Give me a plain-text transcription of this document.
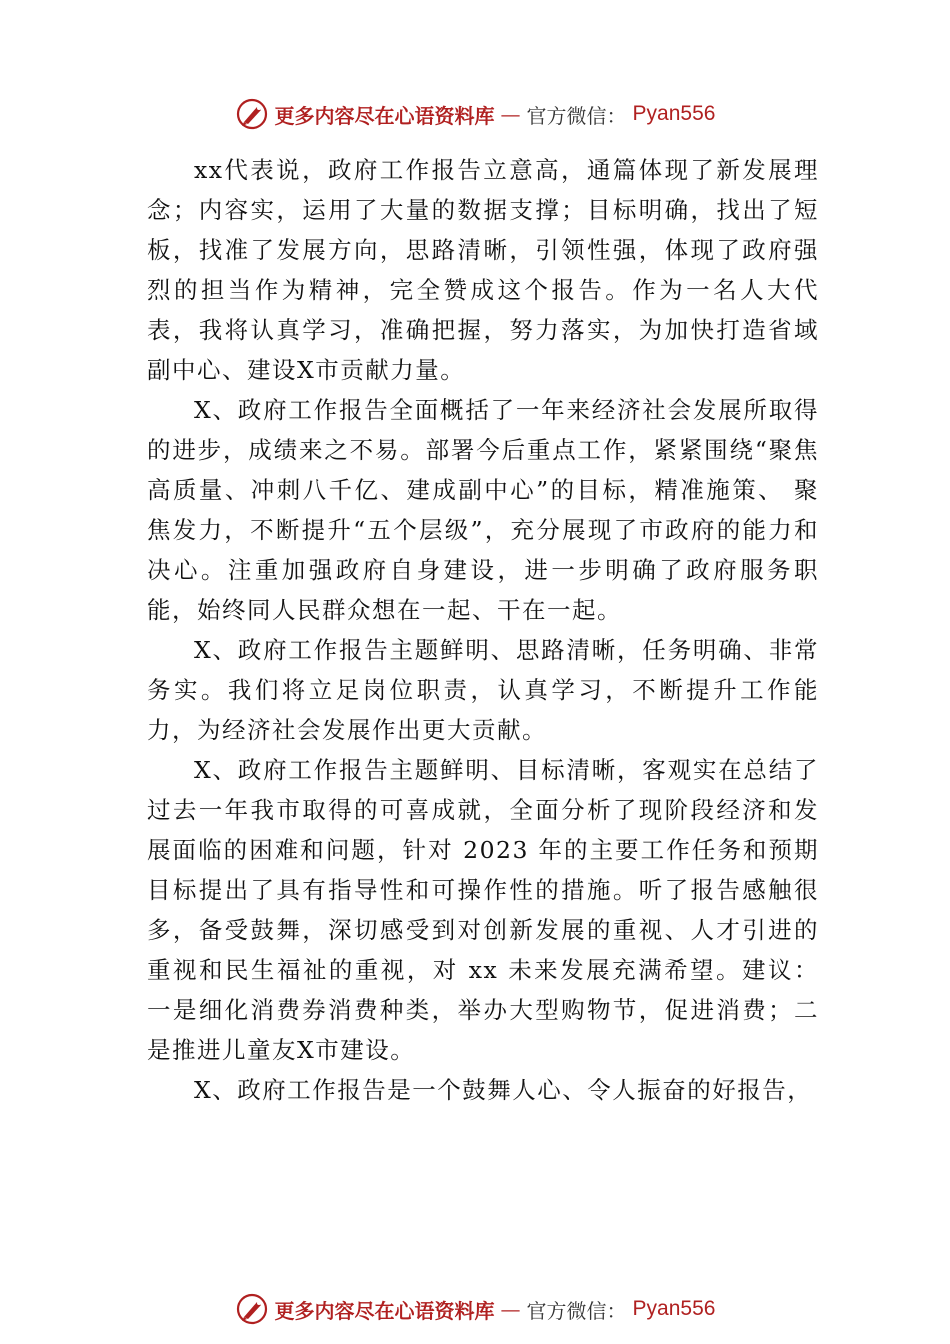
更多内容尽在心语资料库 — 官方微信： Pyan556

xx代表说，政府工作报告立意高，通篇体现了新发展理念；内容实，运用了大量的数据支撑；目标明确，找出了短板，找准了发展方向，思路清晰，引领性强，体现了政府强烈的担当作为精神，完全赞成这个报告。作为一名人大代表，我将认真学习，准确把握，努力落实，为加快打造省域副中心、建设X市贡献力量。

X、政府工作报告全面概括了一年来经济社会发展所取得的进步，成绩来之不易。部署今后重点工作，紧紧围绕“聚焦高质量、冲刺八千亿、建成副中心”的目标，精准施策、 聚焦发力，不断提升“五个层级”，充分展现了市政府的能力和决心。注重加强政府自身建设，进一步明确了政府服务职能，始终同人民群众想在一起、干在一起。

X、政府工作报告主题鲜明、思路清晰，任务明确、非常务实。我们将立足岗位职责，认真学习，不断提升工作能力，为经济社会发展作出更大贡献。

X、政府工作报告主题鲜明、目标清晰，客观实在总结了过去一年我市取得的可喜成就，全面分析了现阶段经济和发展面临的困难和问题，针对 2023 年的主要工作任务和预期目标提出了具有指导性和可操作性的措施。听了报告感触很多，备受鼓舞，深切感受到对创新发展的重视、人才引进的重视和民生福祉的重视，对 xx 未来发展充满希望。建议：一是细化消费券消费种类，举办大型购物节，促进消费；二是推进儿童友X市建设。

X、政府工作报告是一个鼓舞人心、令人振奋的好报告，

更多内容尽在心语资料库 — 官方微信： Pyan556
